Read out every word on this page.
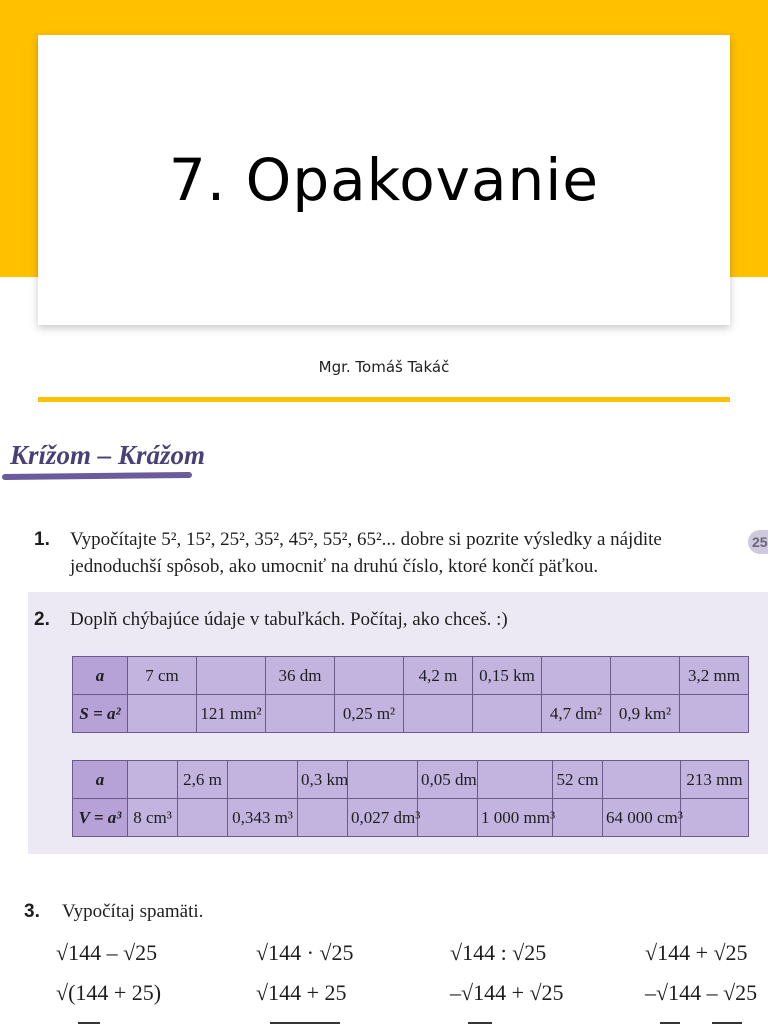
7. Opakovanie
Mgr. Tomáš Takáč
Krížom – Krážom
1. Vypočítajte 5², 15², 25², 35², 45², 55², 65²... dobre si pozrite výsledky a nájdite
jednoduchší spôsob, ako umocniť na druhú číslo, ktoré končí päťkou.
25
2. Doplň chýbajúce údaje v tabuľkách. Počítaj, ako chceš. :)
a	7 cm		36 dm		4,2 m	0,15 km			3,2 mm
S = a²		121 mm²		0,25 m²			4,7 dm²	0,9 km²	
a		2,6 m		0,3 km		0,05 dm		52 cm		213 mm
V = a³	8 cm³		0,343 m³		0,027 dm³		1 000 mm³		64 000 cm³	
3. Vypočítaj spamäti.
√144 – √25	√144 · √25	√144 : √25	√144 + √25
√(144 + 25)	√144 + 25	–√144 + √25	–√144 – √25
